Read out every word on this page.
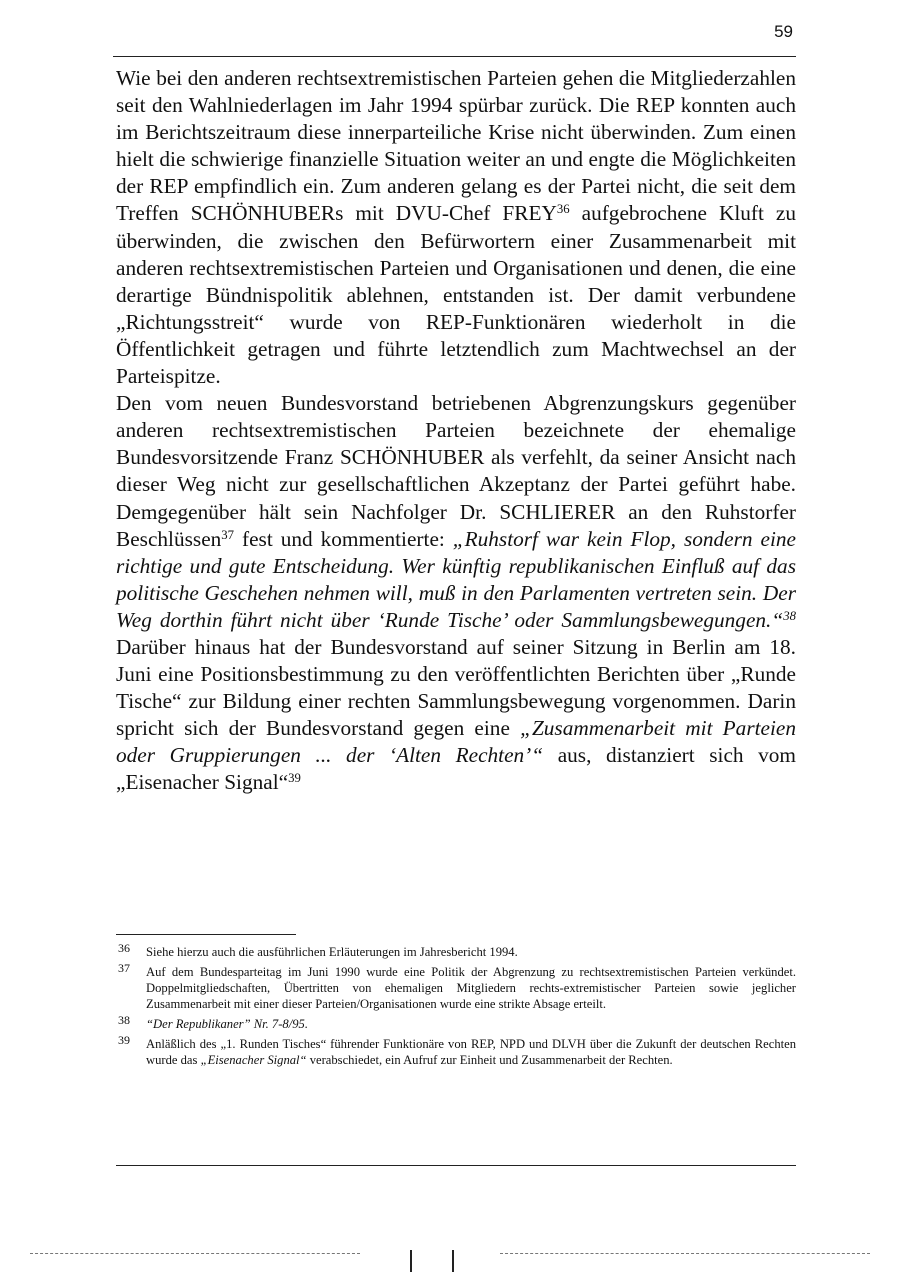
59

Wie bei den anderen rechtsextremistischen Parteien gehen die Mitgliederzahlen seit den Wahlniederlagen im Jahr 1994 spürbar zurück. Die REP konnten auch im Berichtszeitraum diese innerparteiliche Krise nicht überwinden. Zum einen hielt die schwierige finanzielle Situation weiter an und engte die Möglichkeiten der REP empfindlich ein. Zum anderen gelang es der Partei nicht, die seit dem Treffen SCHÖNHUBERs mit DVU-Chef FREY$^{36}$ aufgebrochene Kluft zu überwinden, die zwischen den Befürwortern einer Zusammenarbeit mit anderen rechtsextremistischen Parteien und Organisationen und denen, die eine derartige Bündnispolitik ablehnen, entstanden ist. Der damit verbundene „Richtungsstreit“ wurde von REP-Funktionären wiederholt in die Öffentlichkeit getragen und führte letztendlich zum Machtwechsel an der Parteispitze.

Den vom neuen Bundesvorstand betriebenen Abgrenzungskurs gegenüber anderen rechtsextremistischen Parteien bezeichnete der ehemalige Bundesvorsitzende Franz SCHÖNHUBER als verfehlt, da seiner Ansicht nach dieser Weg nicht zur gesellschaftlichen Akzeptanz der Partei geführt habe. Demgegenüber hält sein Nachfolger Dr. SCHLIERER an den Ruhstorfer Beschlüssen$^{37}$ fest und kommentierte: „Ruhstorf war kein Flop, sondern eine richtige und gute Entscheidung. Wer künftig republikanischen Einfluß auf das politische Geschehen nehmen will, muß in den Parlamenten vertreten sein. Der Weg dorthin führt nicht über ‘Runde Tische’ oder Sammlungsbewegungen.“$^{38}$ Darüber hinaus hat der Bundesvorstand auf seiner Sitzung in Berlin am 18. Juni eine Positionsbestimmung zu den veröffentlichten Berichten über „Runde Tische“ zur Bildung einer rechten Sammlungsbewegung vorgenommen. Darin spricht sich der Bundesvorstand gegen eine „Zusammenarbeit mit Parteien oder Gruppierungen ... der ‘Alten Rechten’“ aus, distanziert sich vom „Eisenacher Signal“$^{39}$

36 Siehe hierzu auch die ausführlichen Erläuterungen im Jahresbericht 1994.
37 Auf dem Bundesparteitag im Juni 1990 wurde eine Politik der Abgrenzung zu rechtsextremistischen Parteien verkündet. Doppelmitgliedschaften, Übertritten von ehemaligen Mitgliedern rechts-extremistischer Parteien sowie jeglicher Zusammenarbeit mit einer dieser Parteien/Organisationen wurde eine strikte Absage erteilt.
38 “Der Republikaner” Nr. 7-8/95.
39 Anläßlich des „1. Runden Tisches“ führender Funktionäre von REP, NPD und DLVH über die Zukunft der deutschen Rechten wurde das „Eisenacher Signal“ verabschiedet, ein Aufruf zur Einheit und Zusammenarbeit der Rechten.
